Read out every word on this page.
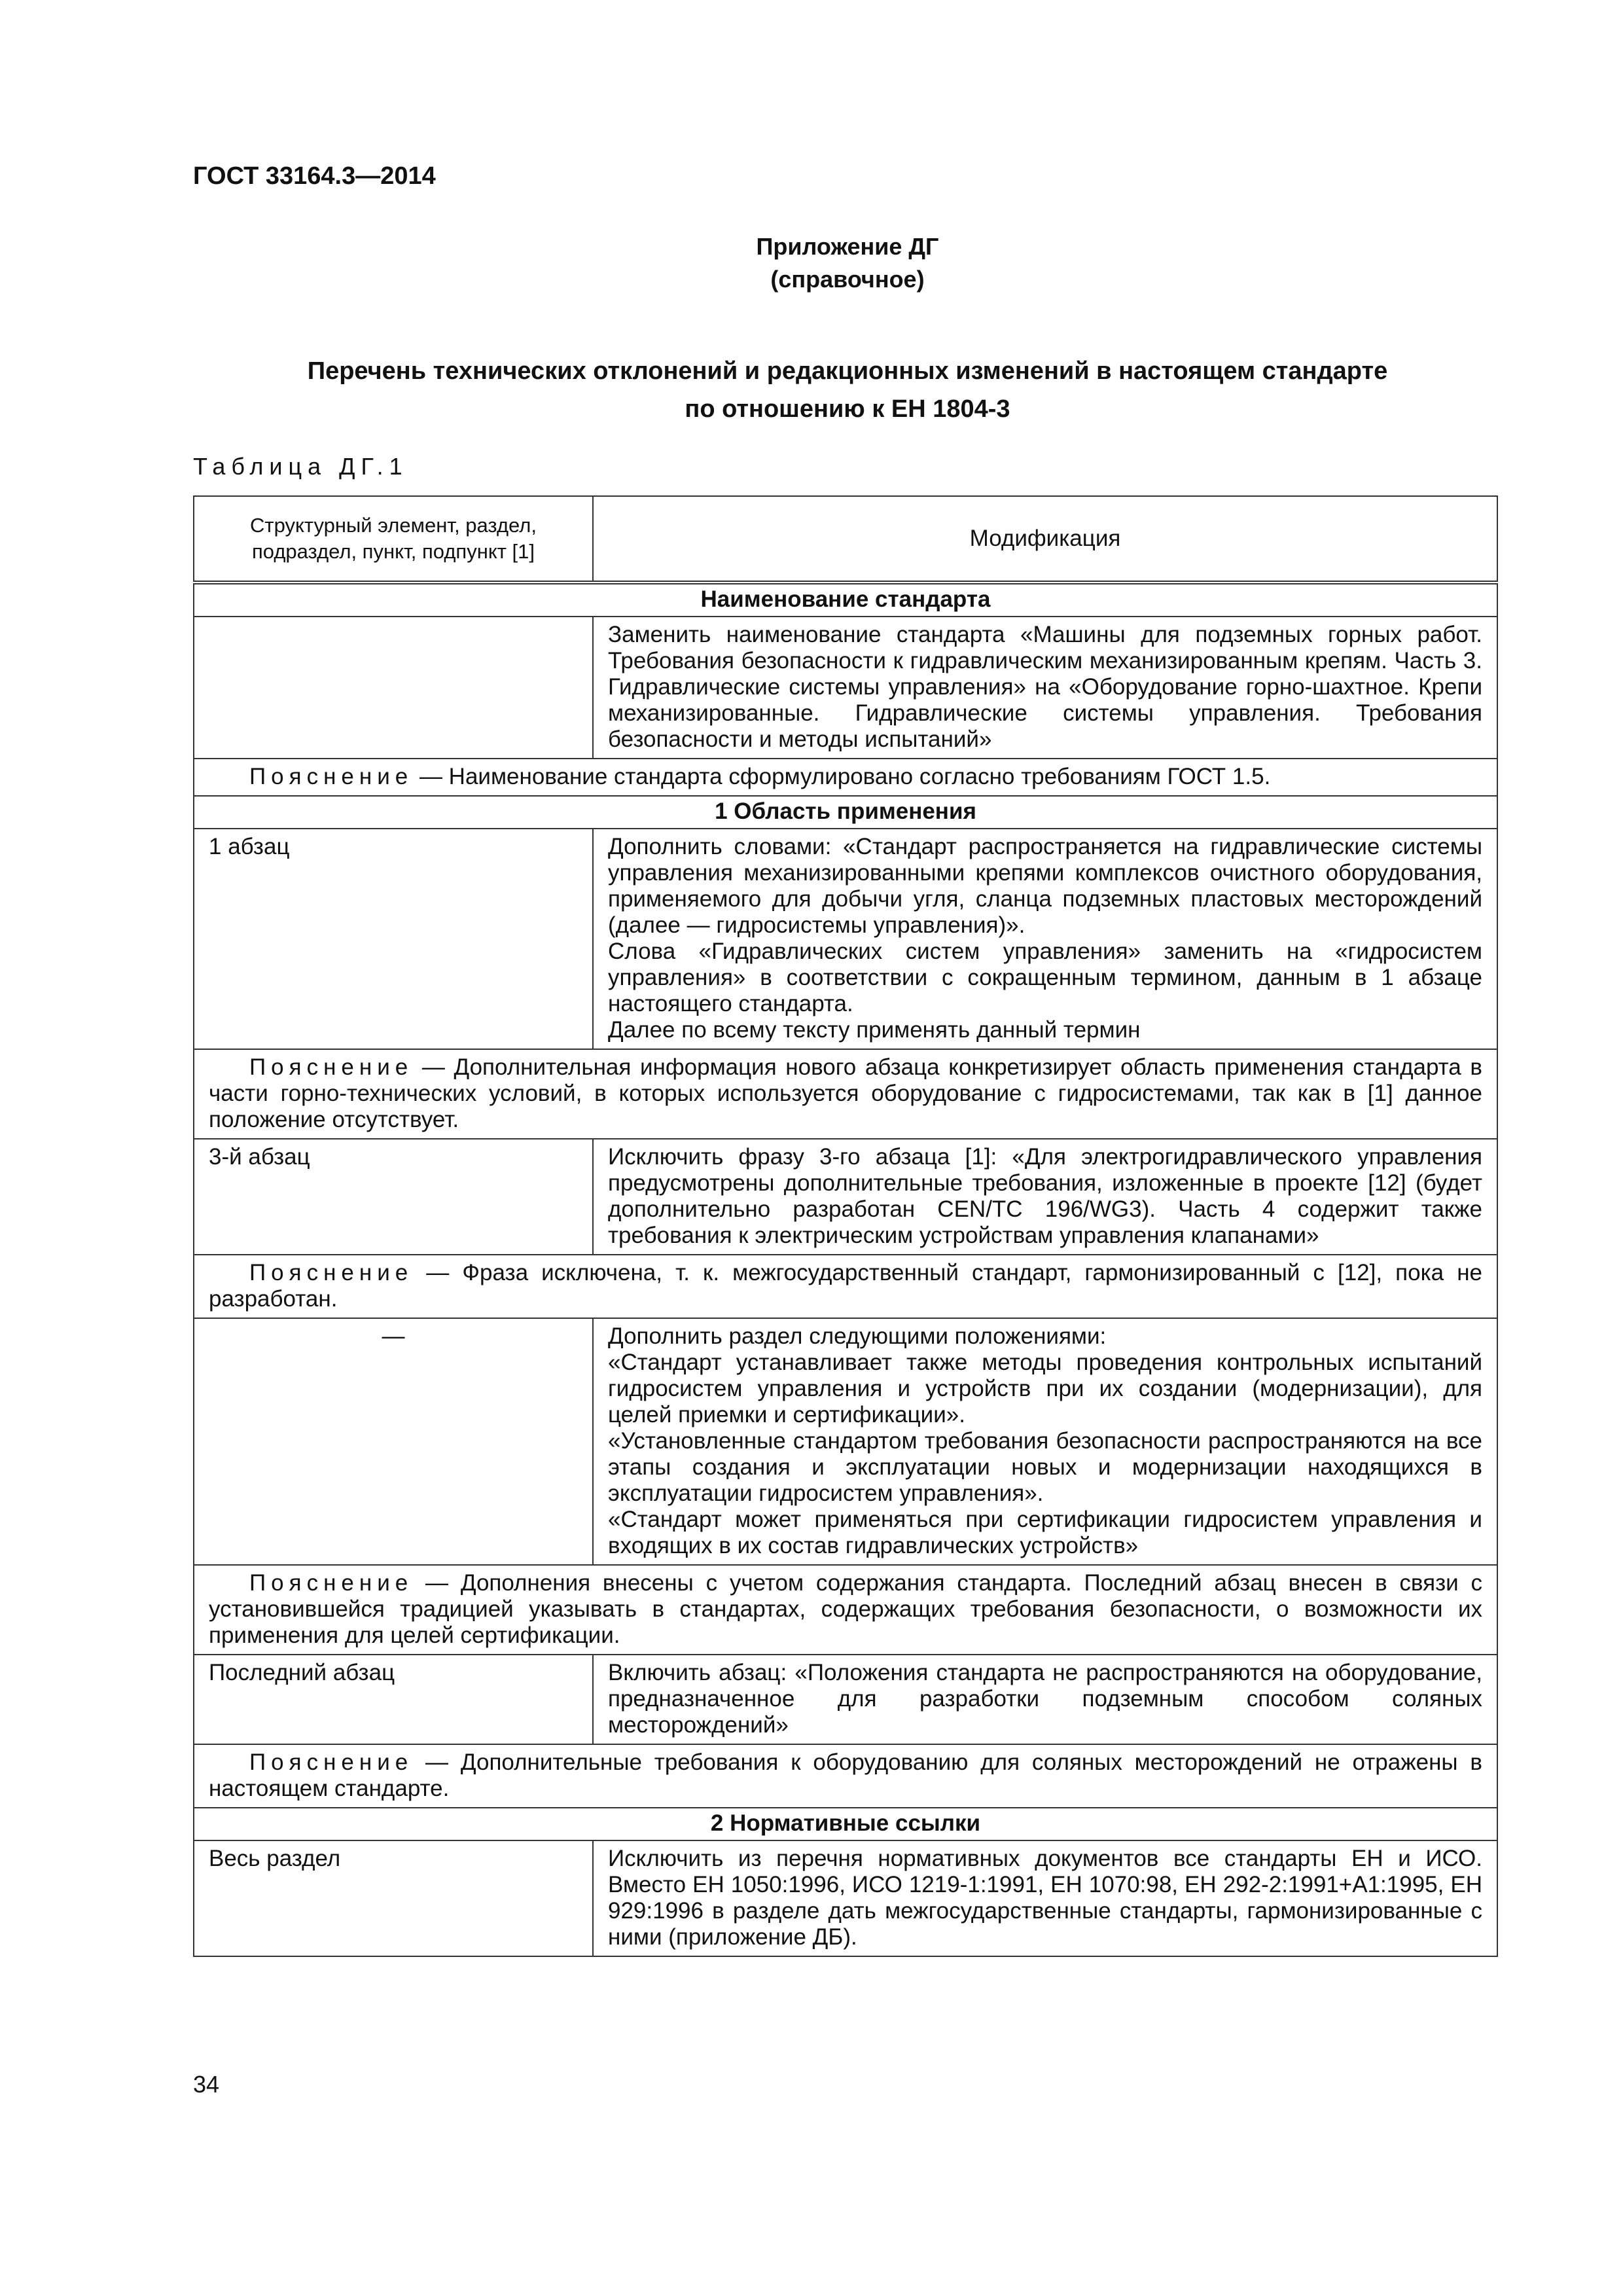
ГОСТ 33164.3—2014
Приложение ДГ
(справочное)
Перечень технических отклонений и редакционных изменений в настоящем стандарте
по отношению к ЕН 1804-3
Таблица ДГ.1
Структурный элемент, раздел,
подраздел, пункт, подпункт [1]	Модификация
Наименование стандарта	
	Заменить наименование стандарта «Машины для подземных горных работ. Требования безопасности к гидравлическим механизированным крепям. Часть 3. Гидравлические системы управления» на «Оборудование горно-шахтное. Крепи механизированные. Гидравлические системы управления. Требования безопасности и методы испытаний»
Пояснение — Наименование стандарта сформулировано согласно требованиям ГОСТ 1.5.	
1 Область применения	
1 абзац	Дополнить словами: «Стандарт распространяется на гидравлические системы управления механизированными крепями комплексов очистного оборудования, применяемого для добычи угля, сланца подземных пластовых месторождений (далее — гидросистемы управления)».
Слова «Гидравлических систем управления» заменить на «гидросистем управления» в соответствии с сокращенным термином, данным в 1 абзаце настоящего стандарта.
Далее по всему тексту применять данный термин

Пояснение — Дополнительная информация нового абзаца конкретизирует область применения стандарта в части горно-технических условий, в которых используется оборудование с гидросистемами, так как в [1] данное положение отсутствует.	
3-й абзац	Исключить фразу 3-го абзаца [1]: «Для электрогидравлического управления предусмотрены дополнительные требования, изложенные в проекте [12] (будет дополнительно разработан CEN/TC 196/WG3). Часть 4 содержит также требования к электрическим устройствам управления клапанами»
Пояснение — Фраза исключена, т. к. межгосударственный стандарт, гармонизированный с [12], пока не разработан.	
—	Дополнить раздел следующими положениями:
«Стандарт устанавливает также методы проведения контрольных испытаний гидросистем управления и устройств при их создании (модернизации), для целей приемки и сертификации».
«Установленные стандартом требования безопасности распространяются на все этапы создания и эксплуатации новых и модернизации находящихся в эксплуатации гидросистем управления».
«Стандарт может применяться при сертификации гидросистем управления и входящих в их состав гидравлических устройств»

Пояснение — Дополнения внесены с учетом содержания стандарта. Последний абзац внесен в связи с установившейся традицией указывать в стандартах, содержащих требования безопасности, о возможности их применения для целей сертификации.	
Последний абзац	Включить абзац: «Положения стандарта не распространяются на оборудование, предназначенное для разработки подземным способом соляных месторождений»
Пояснение — Дополнительные требования к оборудованию для соляных месторождений не отражены в настоящем стандарте.	
2 Нормативные ссылки	
Весь раздел	Исключить из перечня нормативных документов все стандарты ЕН и ИСО. Вместо ЕН 1050:1996, ИСО 1219-1:1991, ЕН 1070:98, ЕН 292-2:1991+А1:1995, ЕН 929:1996 в разделе дать межгосударственные стандарты, гармонизированные с ними (приложение ДБ).
34
